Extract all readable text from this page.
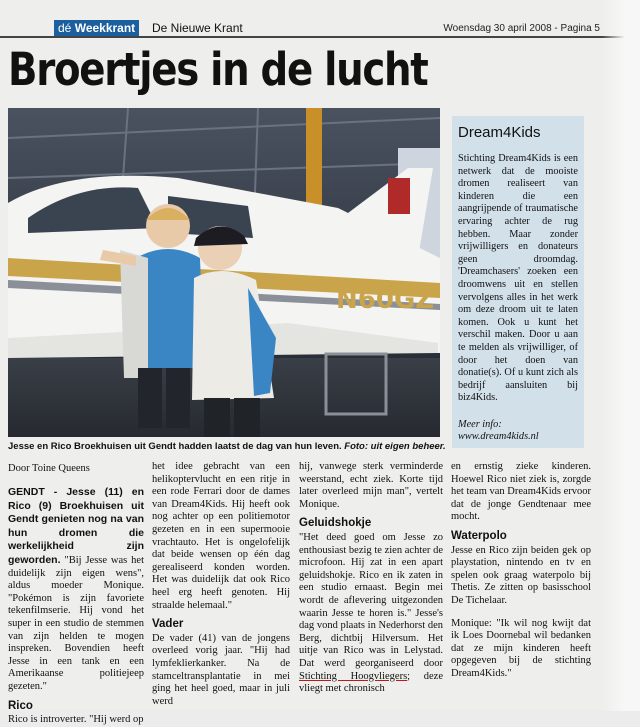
dé Weekkrant	De Nieuwe Krant	Woensdag 30 april 2008 - Pagina 5
Broertjes in de lucht
N60GZ
Jesse en Rico Broekhuisen uit Gendt hadden laatst de dag van hun leven. Foto: uit eigen beheer.
Dream4Kids

Stichting Dream4Kids is een netwerk dat de mooiste dromen realiseert van kinderen die een aangrijpende of traumatische ervaring achter de rug hebben. Maar zonder vrijwilligers en donateurs geen droomdag. 'Dreamchasers' zoeken een droomwens uit en stellen vervolgens alles in het werk om deze droom uit te laten komen. Ook u kunt het verschil maken. Door u aan te melden als vrijwilliger, of door het doen van donatie(s). Of u kunt zich als bedrijf aansluiten bij biz4Kids.

Meer info:
www.dream4kids.nl
Door Toine Queens

GENDT - Jesse (11) en Rico (9) Broekhuisen uit Gendt genieten nog na van hun dromen die werkelijkheid zijn geworden. "Bij Jesse was het duidelijk zijn eigen wens", aldus moeder Monique. "Pokémon is zijn favoriete tekenfilmserie. Hij vond het super in een studio de stemmen van zijn helden te mogen inspreken. Bovendien heeft Jesse in een tank en een Amerikaanse politiejeep gezeten."

Rico

Rico is introverter. "Hij werd op

het idee gebracht van een helikoptervlucht en een ritje in een rode Ferrari door de dames van Dream4Kids. Hij heeft ook nog achter op een politiemotor gezeten en in een supermooie vrachtauto. Het is ongelofelijk dat beide wensen op één dag gerealiseerd konden worden. Het was duidelijk dat ook Rico heel erg heeft genoten. Hij straalde helemaal."

Vader

De vader (41) van de jongens overleed vorig jaar. "Hij had lymfeklierkanker. Na de stamceltransplantatie in mei ging het heel goed, maar in juli werd

hij, vanwege sterk verminderde weerstand, echt ziek. Korte tijd later overleed mijn man", vertelt Monique.

Geluidshokje

"Het deed goed om Jesse zo enthousiast bezig te zien achter de microfoon. Hij zat in een apart geluidshokje. Rico en ik zaten in een studio ernaast. Begin mei wordt de aflevering uitgezonden waarin Jesse te horen is." Jesse's dag vond plaats in Nederhorst den Berg, dichtbij Hilversum. Het uitje van Rico was in Lelystad. Dat werd georganiseerd door Stichting Hoogvliegers; deze vliegt met chronisch

en ernstig zieke kinderen. Hoewel Rico niet ziek is, zorgde het team van Dream4Kids ervoor dat de jonge Gendtenaar mee mocht.

Waterpolo

Jesse en Rico zijn beiden gek op playstation, nintendo en tv en spelen ook graag waterpolo bij Thetis. Ze zitten op basisschool De Tichelaar.

Monique: "Ik wil nog kwijt dat ik Loes Doornebal wil bedanken dat ze mijn kinderen heeft opgegeven bij de stichting Dream4Kids."
